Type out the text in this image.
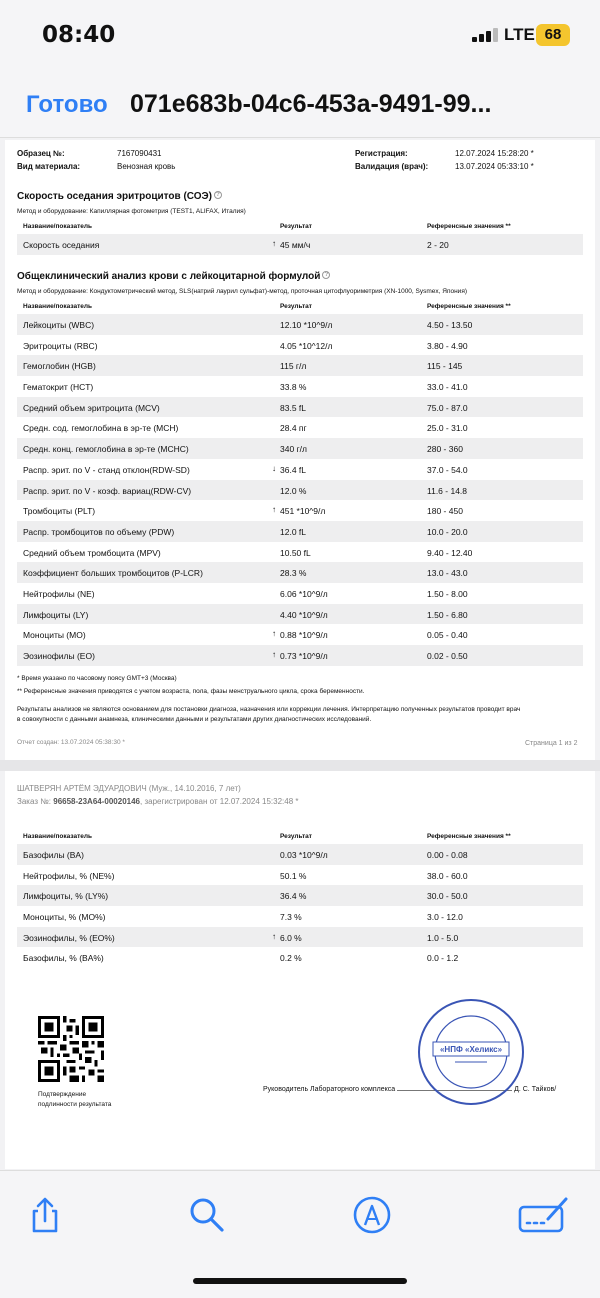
08:40	LTE 68
Готово 071e683b-04c6-453a-9491-99...
Образец №:	7167090431
Вид материала:	Венозная кровь
Регистрация:	12.07.2024 15:28:20 *
Валидация (врач):	13.07.2024 05:33:10 *
Скорость оседания эритроцитов (СОЭ) ?
Метод и оборудование: Капиллярная фотометрия (TEST1, ALIFAX, Италия)
Название/показатель	Результат	Референсные значения **
Скорость оседания	45 мм/ч	2 - 20
↑
Общеклинический анализ крови с лейкоцитарной формулой ?
Метод и оборудование: Кондуктометрический метод, SLS(натрий лаурил сульфат)-метод, проточная цитофлуориметрия (XN-1000, Sysmex, Япония)
Название/показатель	Результат	Референсные значения **
Лейкоциты (WBC)	12.10 *10^9/л	4.50 - 13.50
Эритроциты (RBC)	4.05 *10^12/л	3.80 - 4.90
Гемоглобин (HGB)	115 г/л	115 - 145
Гематокрит (HCT)	33.8 %	33.0 - 41.0
Средний объем эритроцита (MCV)	83.5 fL	75.0 - 87.0
Средн. сод. гемоглобина в эр-те (MCH)	28.4 пг	25.0 - 31.0
Средн. конц. гемоглобина в эр-те (MCHC)	340 г/л	280 - 360
Распр. эрит. по V - станд отклон(RDW-SD)	36.4 fL	37.0 - 54.0
↓
Распр. эрит. по V - коэф. вариац(RDW-CV)	12.0 %	11.6 - 14.8
Тромбоциты (PLT)	451 *10^9/л	180 - 450
↑
Распр. тромбоцитов по объему (PDW)	12.0 fL	10.0 - 20.0
Средний объем тромбоцита (MPV)	10.50 fL	9.40 - 12.40
Коэффициент больших тромбоцитов (P-LCR)	28.3 %	13.0 - 43.0
Нейтрофилы (NE)	6.06 *10^9/л	1.50 - 8.00
Лимфоциты (LY)	4.40 *10^9/л	1.50 - 6.80
Моноциты (MO)	0.88 *10^9/л	0.05 - 0.40
↑
Эозинофилы (EO)	0.73 *10^9/л	0.02 - 0.50
↑
* Время указано по часовому поясу GMT+3 (Москва)
** Референсные значения приводятся с учетом возраста, пола, фазы менструального цикла, срока беременности.
Результаты анализов не являются основанием для постановки диагноза, назначения или коррекции лечения. Интерпретацию полученных результатов проводит врач
в совокупности с данными анамнеза, клиническими данными и результатами других диагностических исследований.
Отчет создан: 13.07.2024 05:38:30 *	Страница 1 из 2
ШАТВЕРЯН АРТЁМ ЭДУАРДОВИЧ (Муж., 14.10.2016, 7 лет)
Заказ №: 96658-23А64-00020146, зарегистрирован от 12.07.2024 15:32:48 *
Название/показатель	Результат	Референсные значения **
Базофилы (BA)	0.03 *10^9/л	0.00 - 0.08
Нейтрофилы, % (NE%)	50.1 %	38.0 - 60.0
Лимфоциты, % (LY%)	36.4 %	30.0 - 50.0
Моноциты, % (MO%)	7.3 %	3.0 - 12.0
Эозинофилы, % (EO%)	6.0 %	1.0 - 5.0
↑
Базофилы, % (BA%)	0.2 %	0.0 - 1.2
Подтверждение
подлинности результата
Руководитель Лабораторного комплекса	Д. С. Тайков/
«НПФ «Хеликс»
